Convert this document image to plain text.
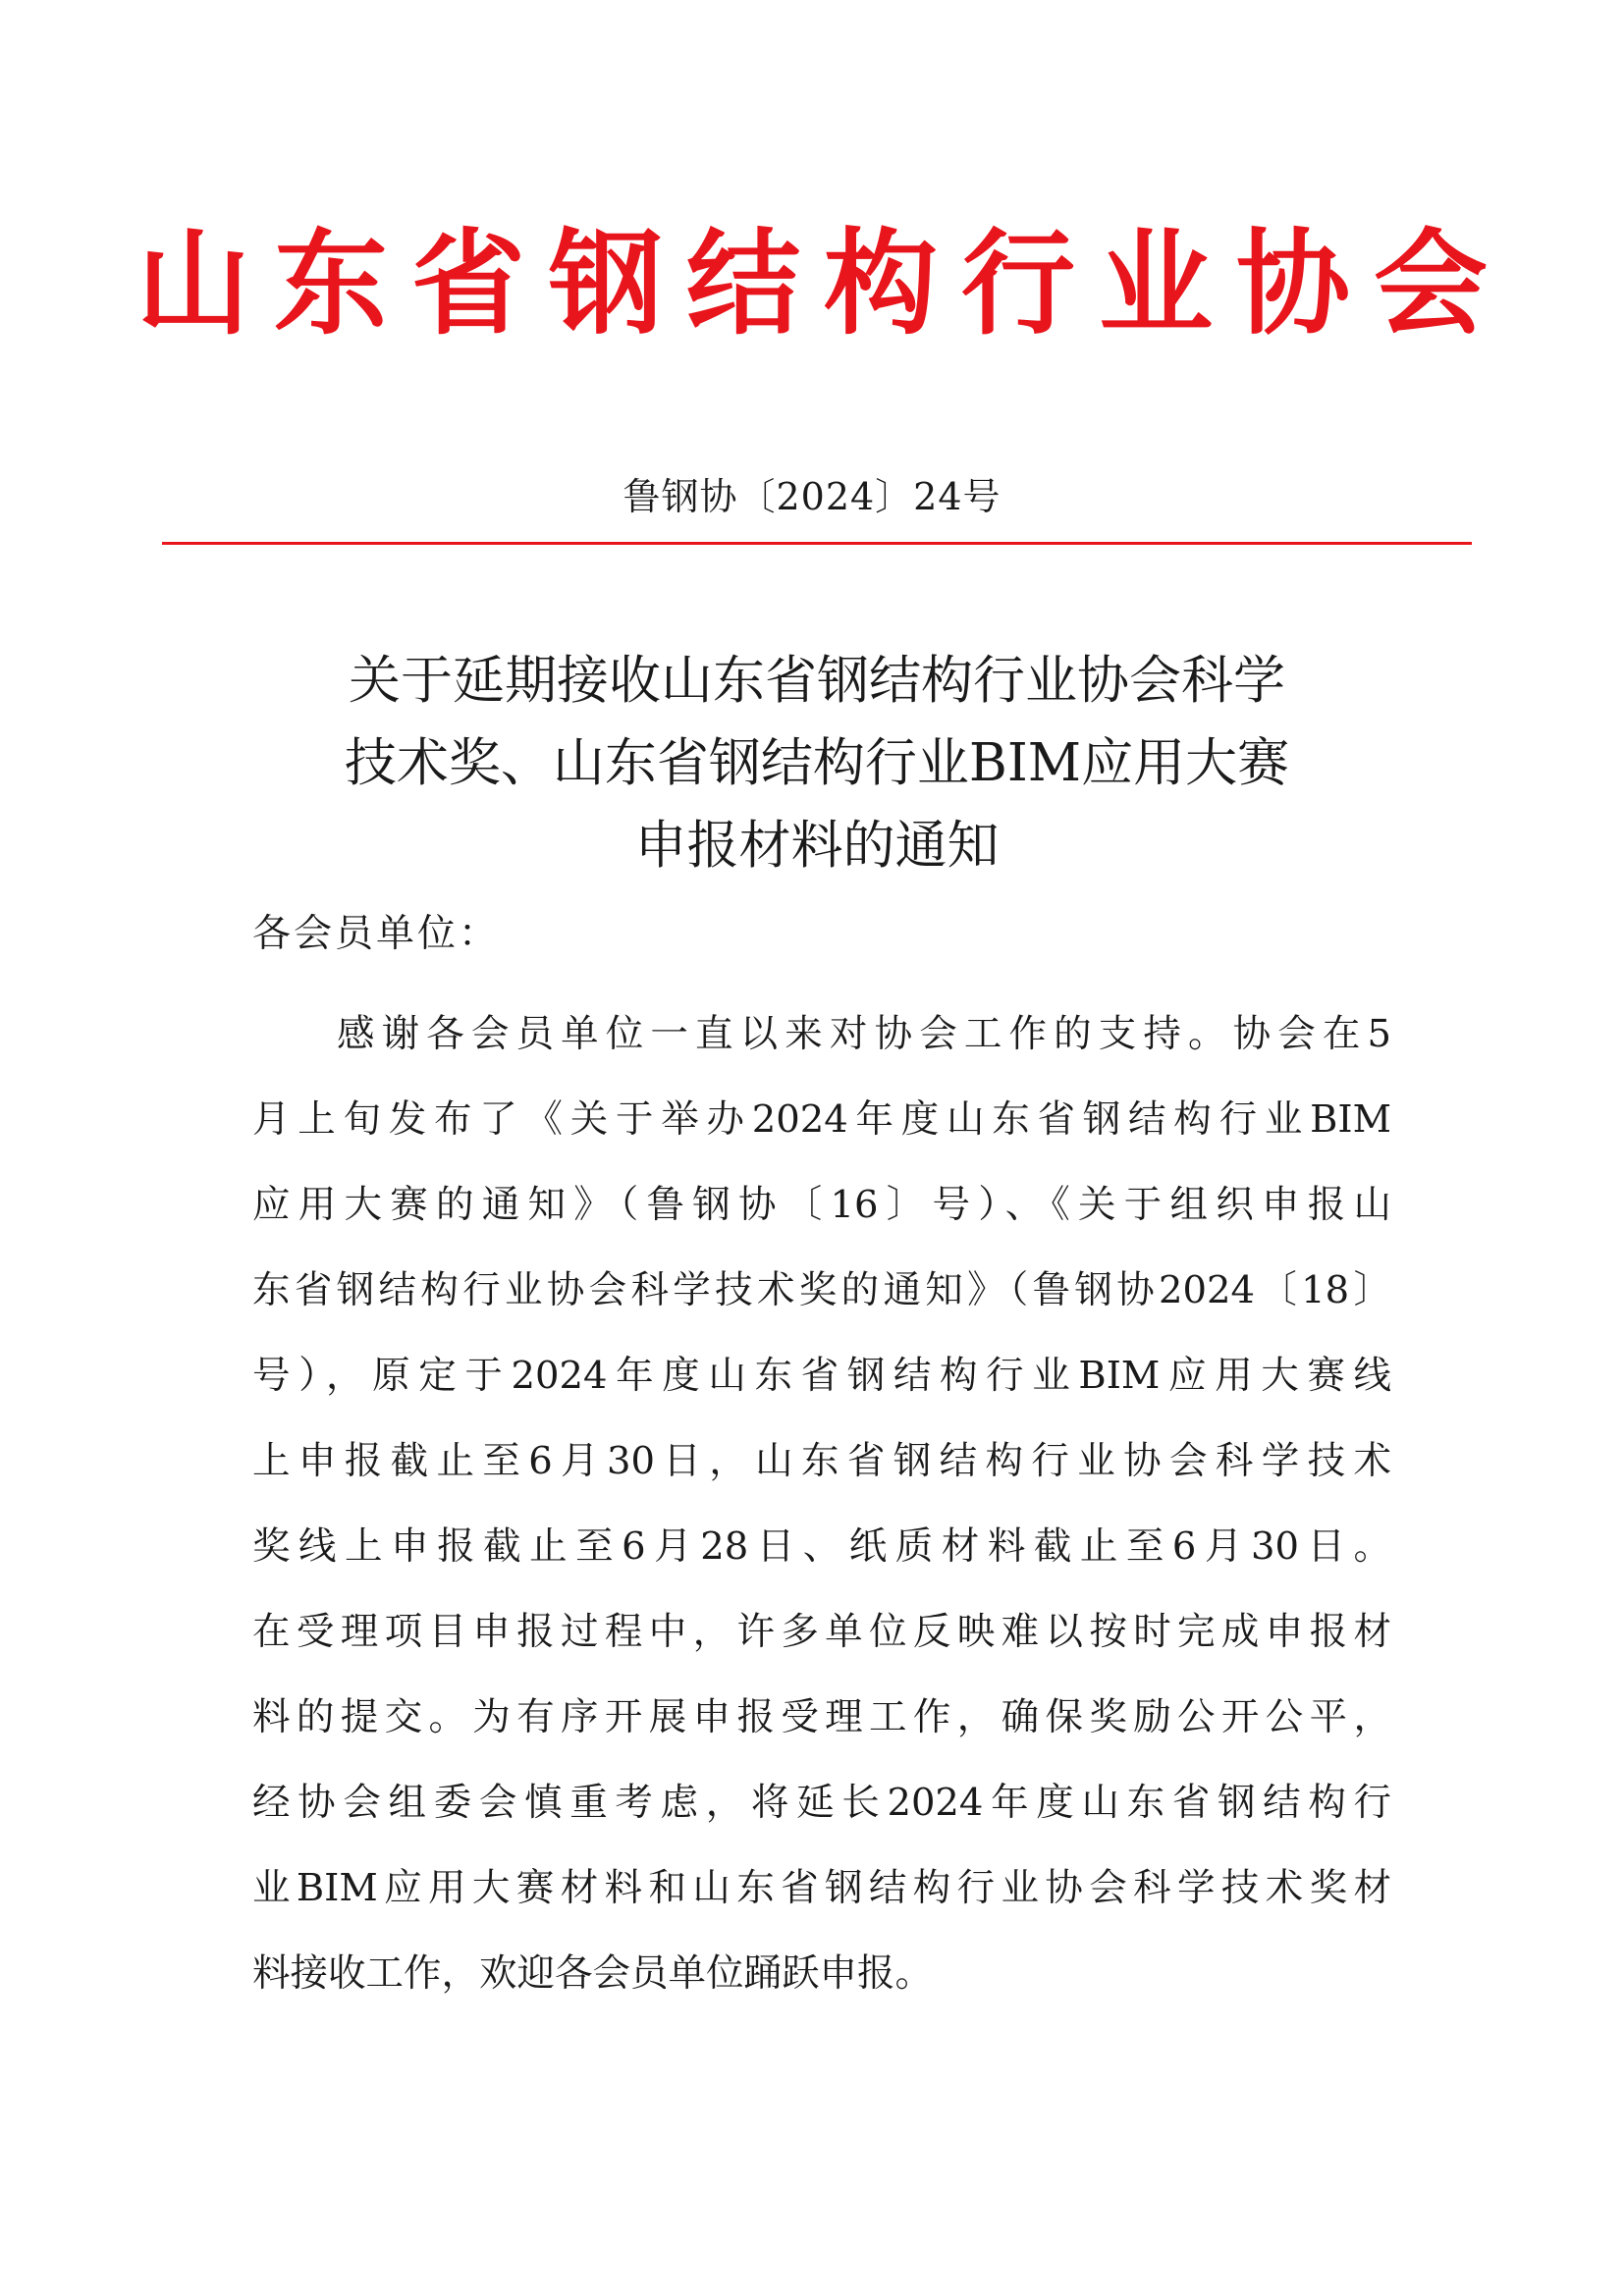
山东省钢结构行业协会
鲁钢协〔2024〕24号
关于延期接收山东省钢结构行业协会科学
技术奖、山东省钢结构行业BIM应用大赛
申报材料的通知
各会员单位：
感谢各会员单位一直以来对协会工作的支持。协会在5
月上旬发布了《关于举办2024年度山东省钢结构行业BIM
应用大赛的通知》（鲁钢协〔16〕号）、《关于组织申报山
东省钢结构行业协会科学技术奖的通知》（鲁钢协2024〔18〕
号），原定于2024年度山东省钢结构行业BIM应用大赛线
上申报截止至6月30日，山东省钢结构行业协会科学技术
奖线上申报截止至6月28日、纸质材料截止至6月30日。
在受理项目申报过程中，许多单位反映难以按时完成申报材
料的提交。为有序开展申报受理工作，确保奖励公开公平，
经协会组委会慎重考虑，将延长2024年度山东省钢结构行
业BIM应用大赛材料和山东省钢结构行业协会科学技术奖材
料接收工作，欢迎各会员单位踊跃申报。
